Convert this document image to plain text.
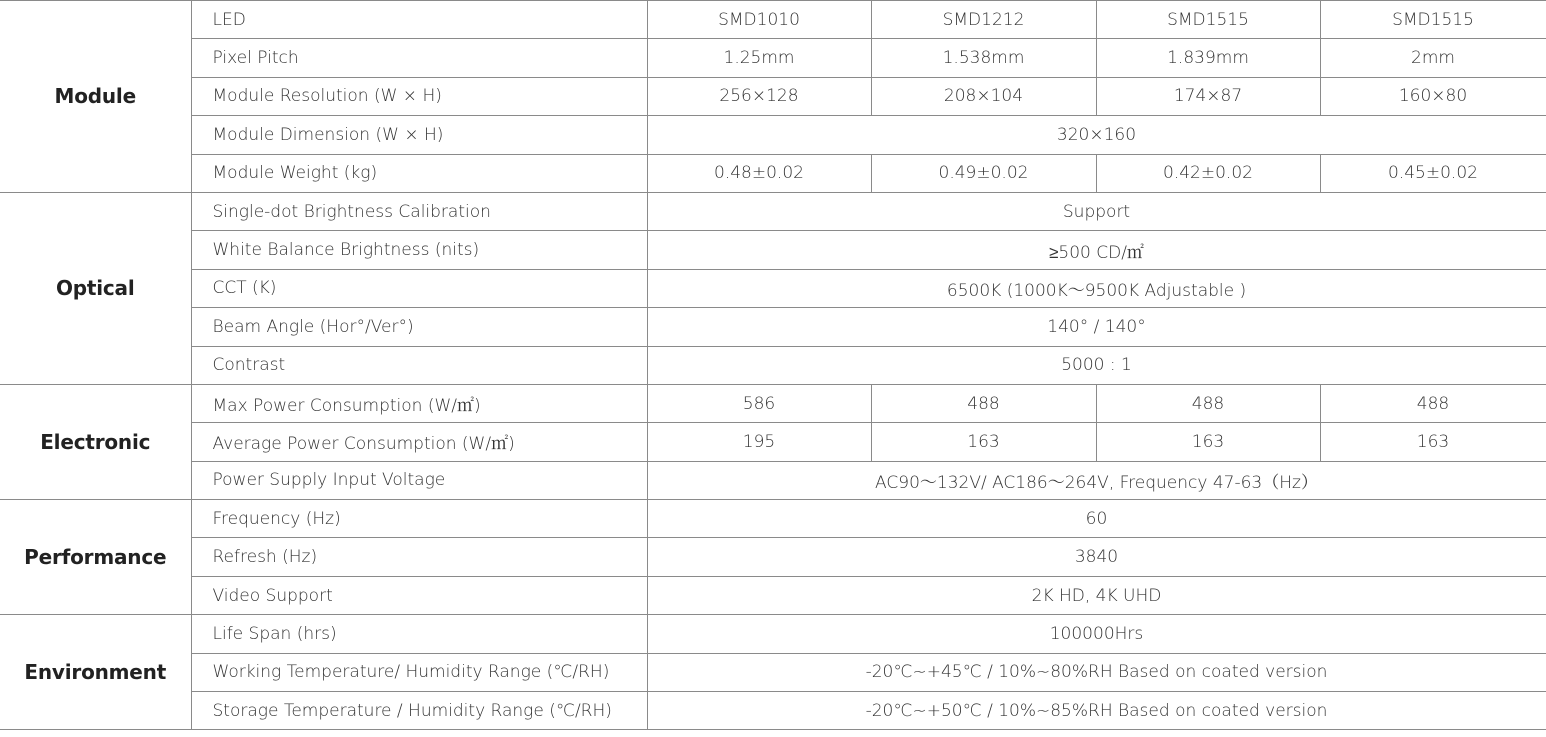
Module	LED	SMD1010	SMD1212	SMD1515	SMD1515
	Pixel Pitch	1.25mm	1.538mm	1.839mm	2mm
	Module Resolution (W × H)	256×128	208×104	174×87	160×80
	Module Dimension (W × H)	320×160			
	Module Weight (kg)	0.48±0.02	0.49±0.02	0.42±0.02	0.45±0.02
Optical	Single-dot Brightness Calibration	Support			
	White Balance Brightness (nits)	≥500 CD/㎡			
	CCT (K)	6500K (1000K～9500K Adjustable )			
	Beam Angle (Hor°/Ver°)	140° / 140°			
	Contrast	5000 : 1			
Electronic	Max Power Consumption (W/㎡)	586	488	488	488
	Average Power Consumption (W/㎡)	195	163	163	163
	Power Supply Input Voltage	AC90～132V/ AC186～264V, Frequency 47-63（Hz）			
Performance	Frequency (Hz)	60			
	Refresh (Hz)	3840			
	Video Support	2K HD, 4K UHD			
Environment	Life Span (hrs)	100000Hrs			
	Working Temperature/ Humidity Range (℃/RH)	-20℃~+45℃ / 10%~80%RH Based on coated version			
	Storage Temperature / Humidity Range (℃/RH)	-20℃~+50℃ / 10%~85%RH Based on coated version			
